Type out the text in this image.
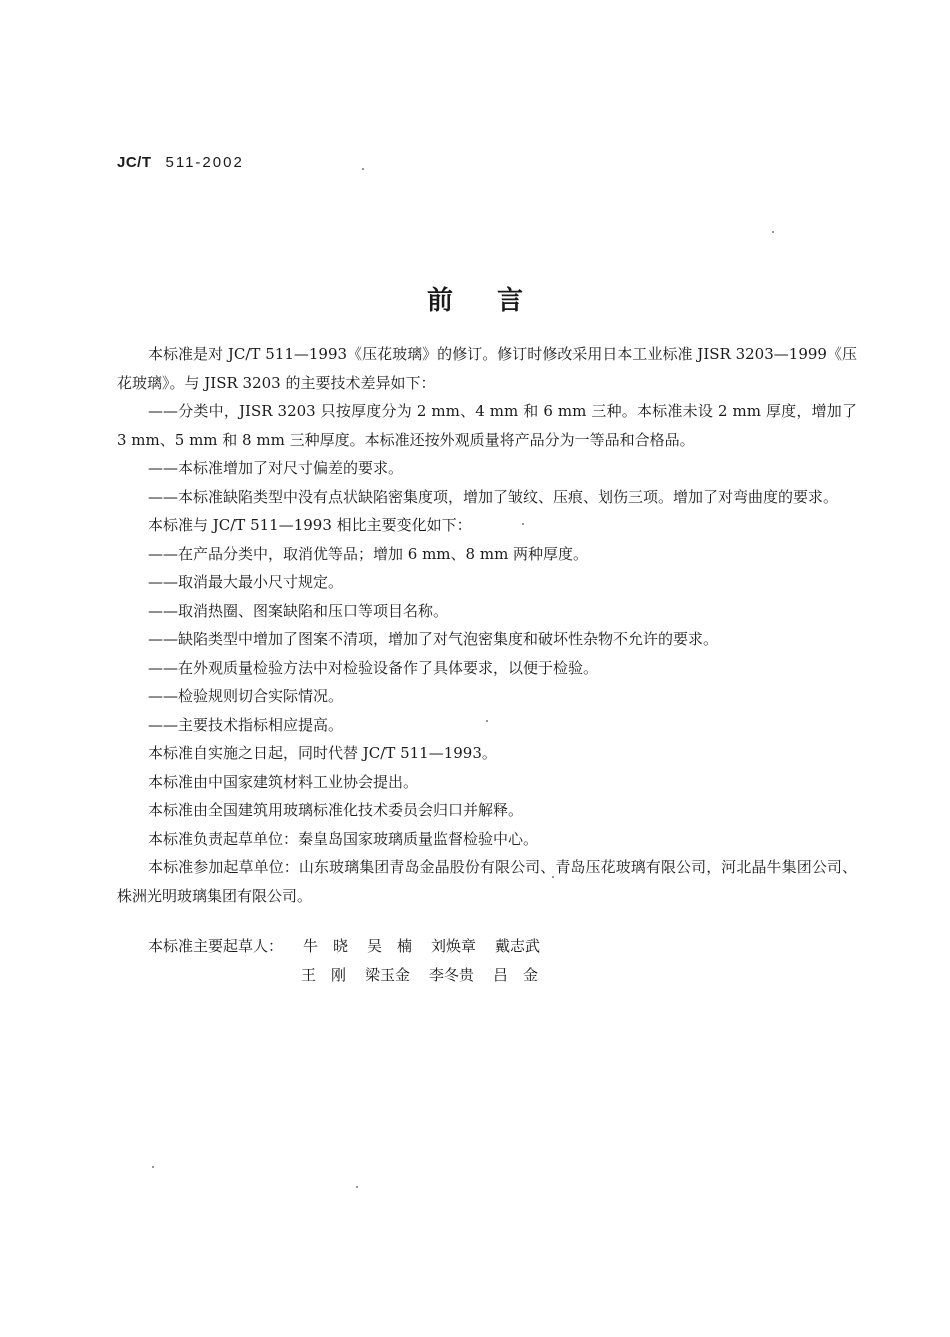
JC/T 511-2002
前言

本标准是对 JC/T 511—1993《压花玻璃》的修订。修订时修改采用日本工业标准 JISR 3203—1999《压花玻璃》。与 JISR 3203 的主要技术差异如下：

——分类中，JISR 3203 只按厚度分为 2 mm、4 mm 和 6 mm 三种。本标准未设 2 mm 厚度，增加了 3 mm、5 mm 和 8 mm 三种厚度。本标准还按外观质量将产品分为一等品和合格品。

——本标准增加了对尺寸偏差的要求。

——本标准缺陷类型中没有点状缺陷密集度项，增加了皱纹、压痕、划伤三项。增加了对弯曲度的要求。

本标准与 JC/T 511—1993 相比主要变化如下：

——在产品分类中，取消优等品；增加 6 mm、8 mm 两种厚度。

——取消最大最小尺寸规定。

——取消热圈、图案缺陷和压口等项目名称。

——缺陷类型中增加了图案不清项，增加了对气泡密集度和破坏性杂物不允许的要求。

——在外观质量检验方法中对检验设备作了具体要求，以便于检验。

——检验规则切合实际情况。

——主要技术指标相应提高。

本标准自实施之日起，同时代替 JC/T 511—1993。

本标准由中国家建筑材料工业协会提出。

本标准由全国建筑用玻璃标准化技术委员会归口并解释。

本标准负责起草单位：秦皇岛国家玻璃质量监督检验中心。

本标准参加起草单位：山东玻璃集团青岛金晶股份有限公司、青岛压花玻璃有限公司，河北晶牛集团公司、株洲光明玻璃集团有限公司。

本标准主要起草人： 牛　晓 吴　楠 刘焕章 戴志武
王　刚 梁玉金 李冬贵 吕　金
